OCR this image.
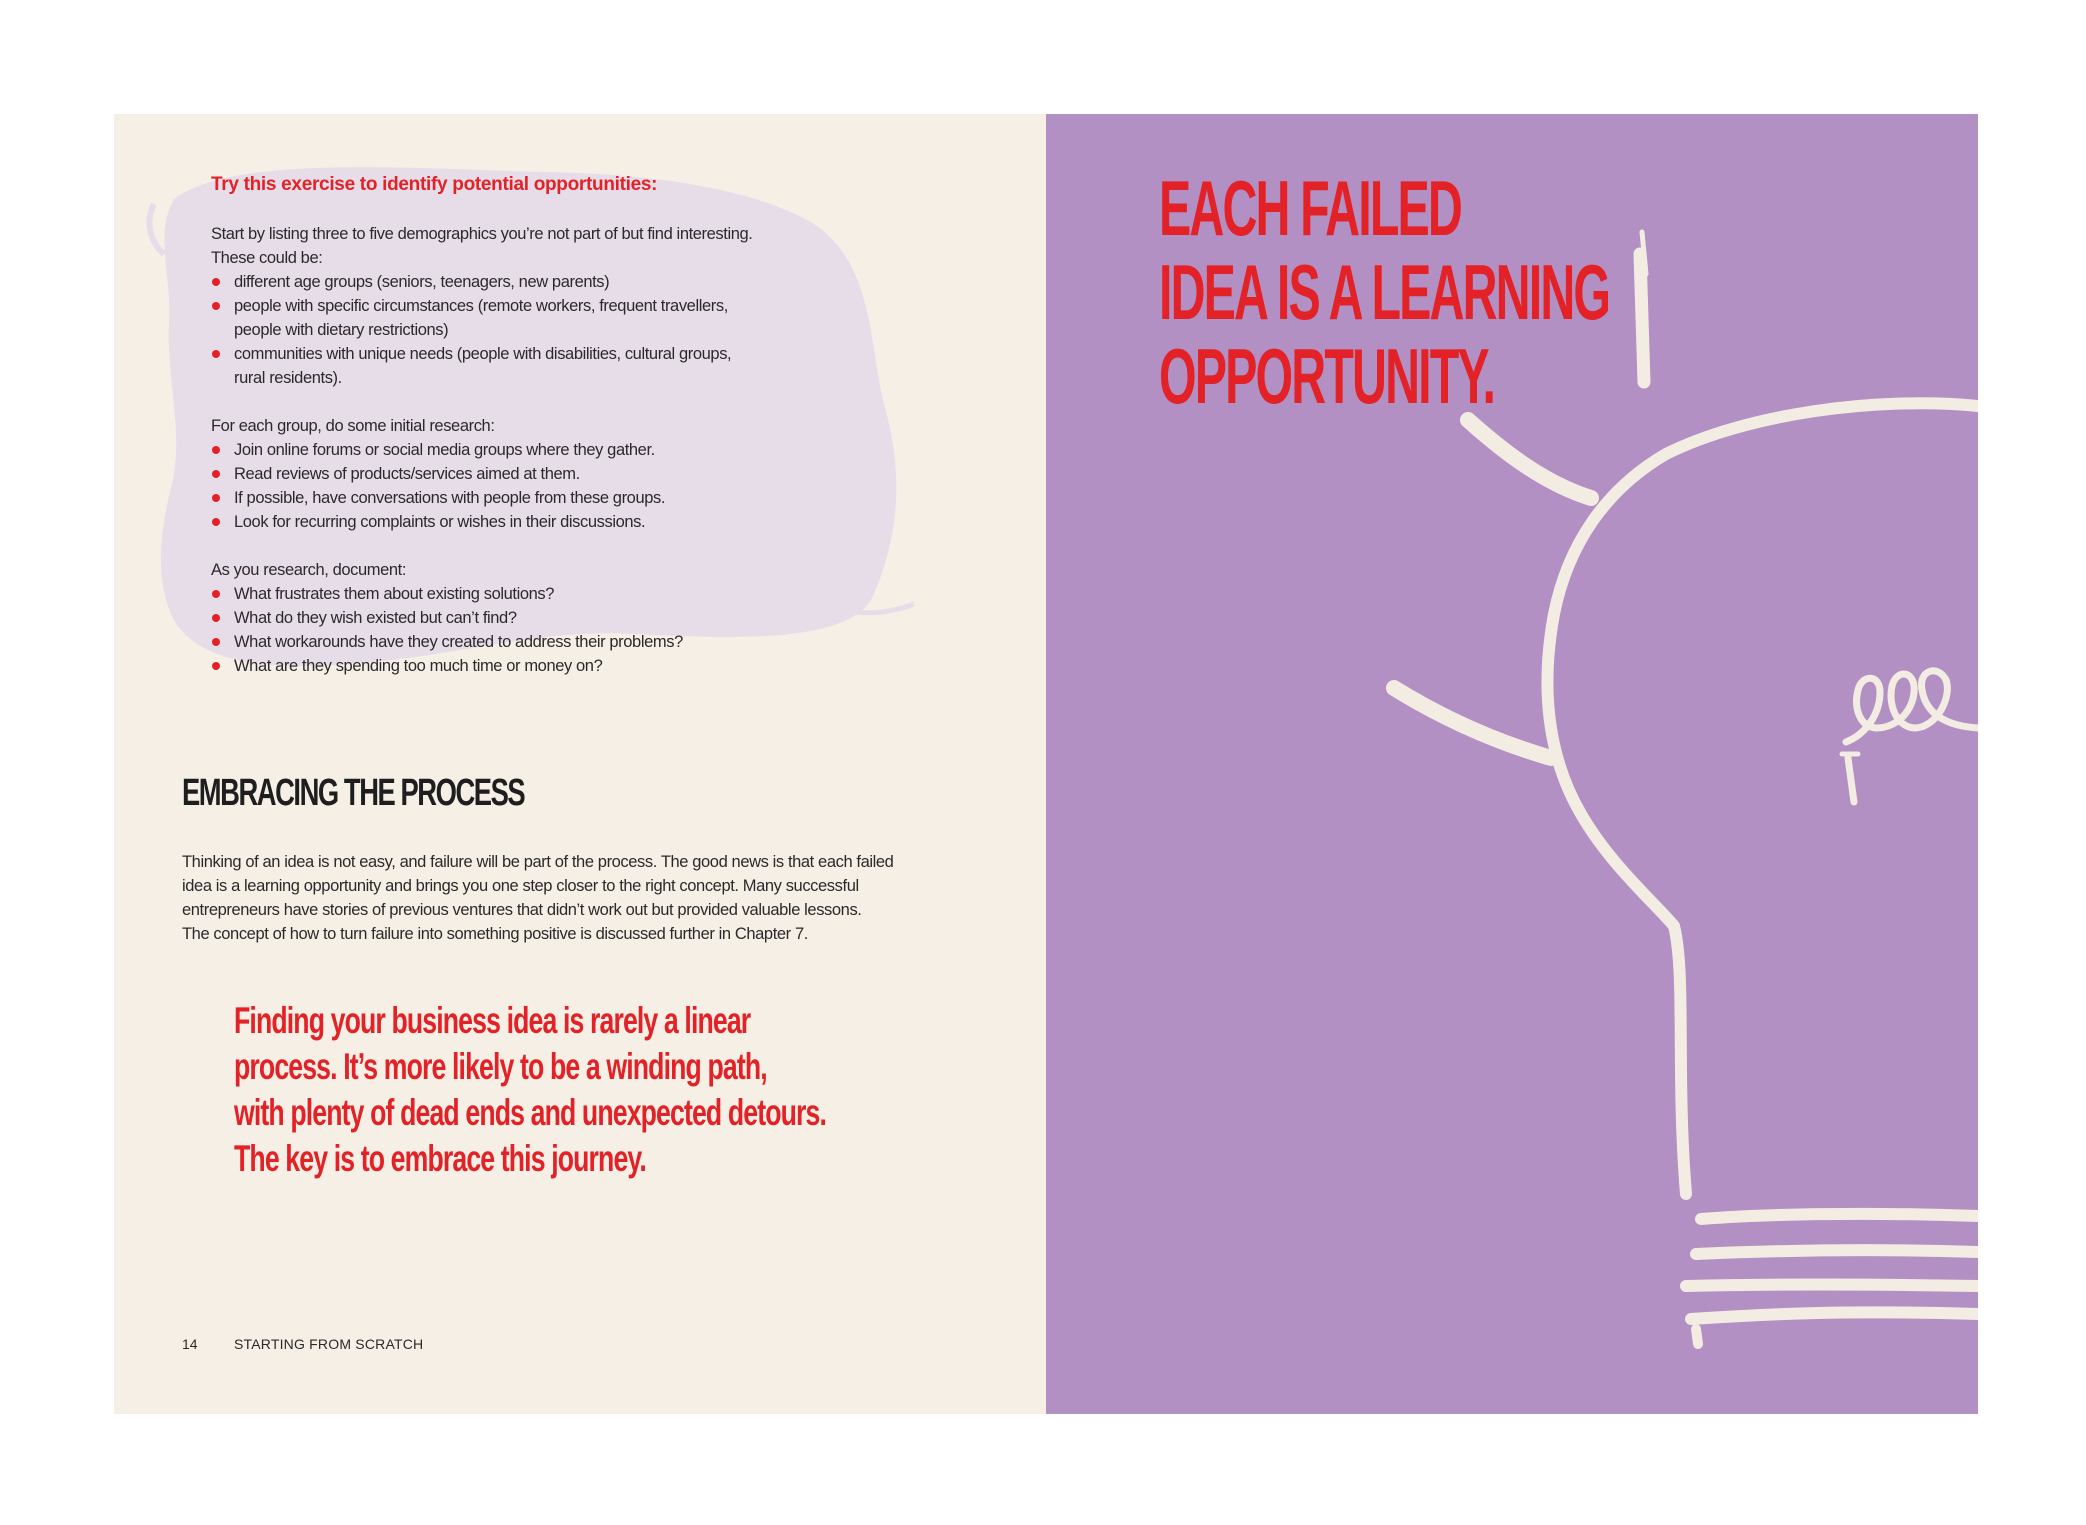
Try this exercise to identify potential opportunities:

Start by listing three to five demographics you’re not part of but find interesting.

These could be:

different age groups (seniors, teenagers, new parents)
people with specific circumstances (remote workers, frequent travellers,
people with dietary restrictions)
communities with unique needs (people with disabilities, cultural groups,
rural residents).

For each group, do some initial research:

Join online forums or social media groups where they gather.
Read reviews of products/services aimed at them.
If possible, have conversations with people from these groups.
Look for recurring complaints or wishes in their discussions.

As you research, document:

What frustrates them about existing solutions?
What do they wish existed but can’t find?
What workarounds have they created to address their problems?
What are they spending too much time or money on?
EMBRACING THE PROCESS
Thinking of an idea is not easy, and failure will be part of the process. The good news is that each failed
idea is a learning opportunity and brings you one step closer to the right concept. Many successful
entrepreneurs have stories of previous ventures that didn’t work out but provided valuable lessons.
The concept of how to turn failure into something positive is discussed further in Chapter 7.
Finding your business idea is rarely a linear
process. It’s more likely to be a winding path,
with plenty of dead ends and unexpected detours.
The key is to embrace this journey.
14	STARTING FROM SCRATCH
EACH FAILED
IDEA IS A LEARNING
OPPORTUNITY.
